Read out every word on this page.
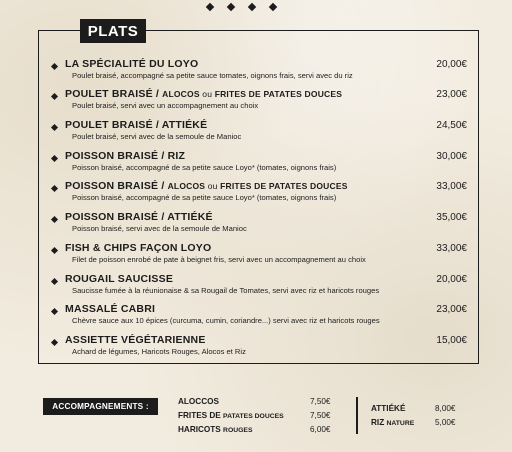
PLATS
LA SPÉCIALITÉ DU LOYO	20,00€
Poulet braisé, accompagné sa petite sauce tomates, oignons frais, servi avec du riz
POULET BRAISÉ / ALOCOS ou FRITES DE PATATES DOUCES	23,00€
Poulet braisé, servi avec un accompagnement au choix
POULET BRAISÉ / ATTIÉKÉ	24,50€
Poulet braisé, servi avec de la semoule de Manioc
POISSON BRAISÉ / RIZ	30,00€
Poisson braisé, accompagné de sa petite sauce Loyo* (tomates, oignons frais)
POISSON BRAISÉ / ALOCOS ou FRITES DE PATATES DOUCES	33,00€
Poisson braisé, accompagné de sa petite sauce Loyo* (tomates, oignons frais)
POISSON BRAISÉ / ATTIÉKÉ	35,00€
Poisson braisé, servi avec de la semoule de Manioc
FISH & CHIPS FAÇON LOYO	33,00€
Filet de poisson enrobé de pate à beignet fris, servi avec un accompagnement au choix
ROUGAIL SAUCISSE	20,00€
Saucisse fumée à la réunionaise & sa Rougail de Tomates, servi avec riz et haricots rouges
MASSALÉ CABRI	23,00€
Chèvre sauce aux 10 épices (curcuma, cumin, coriandre...) servi avec riz et haricots rouges
ASSIETTE VÉGÉTARIENNE	15,00€
Achard de légumes, Haricots Rouges, Alocos et Riz
ACCOMPAGNEMENTS :
ALOCCOS	7,50€
FRITES DE PATATES DOUCES	7,50€
HARICOTS ROUGES	6,00€
ATTIÉKÉ	8,00€
RIZ NATURE	5,00€
